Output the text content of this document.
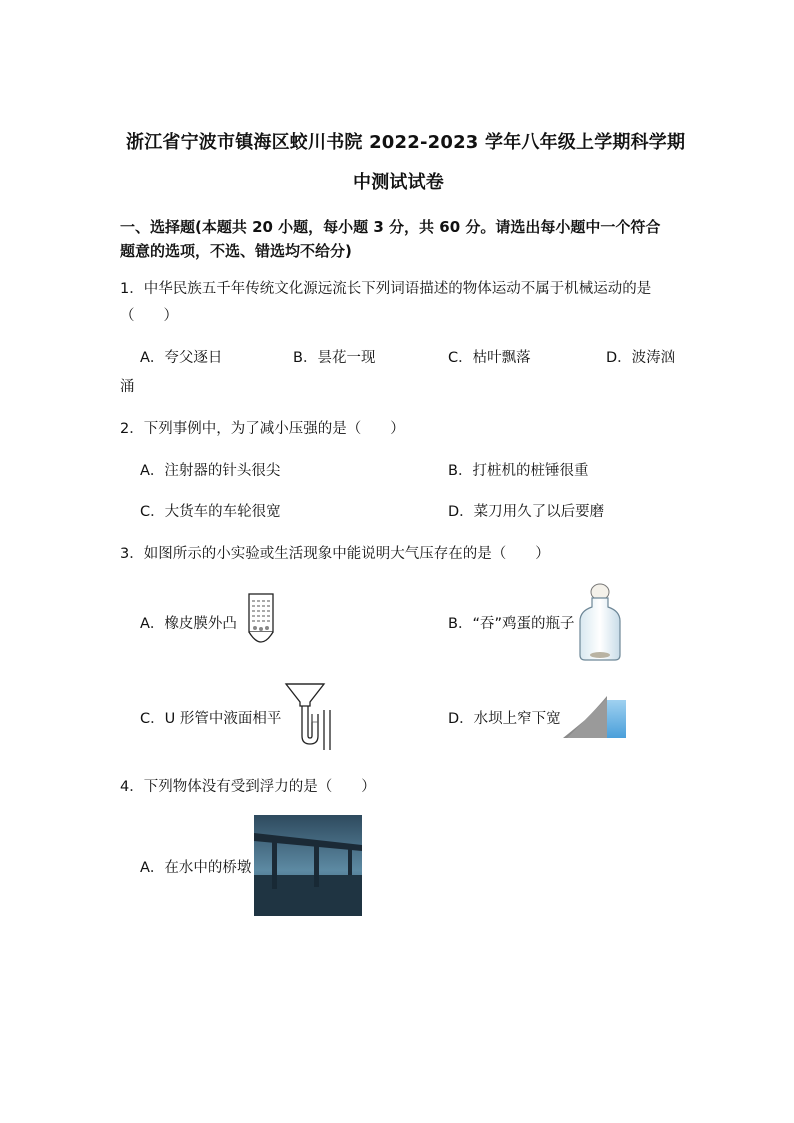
浙江省宁波市镇海区蛟川书院 2022-2023 学年八年级上学期科学期
中测试试卷
一、选择题(本题共 20 小题，每小题 3 分，共 60 分。请选出每小题中一个符合
题意的选项，不选、错选均不给分)
1．中华民族五千年传统文化源远流长下列词语描述的物体运动不属于机械运动的是
（　　）
A．夸父逐日	B．昙花一现	C．枯叶飘落	D．波涛汹
涌
2．下列事例中，为了减小压强的是（　　）
A．注射器的针头很尖	B．打桩机的桩锤很重
C．大货车的车轮很宽	D．菜刀用久了以后要磨
3．如图所示的小实验或生活现象中能说明大气压存在的是（　　）
A．橡皮膜外凸	B．“吞”鸡蛋的瓶子
C．U 形管中液面相平	D．水坝上窄下宽
4．下列物体没有受到浮力的是（　　）
A．在水中的桥墩
